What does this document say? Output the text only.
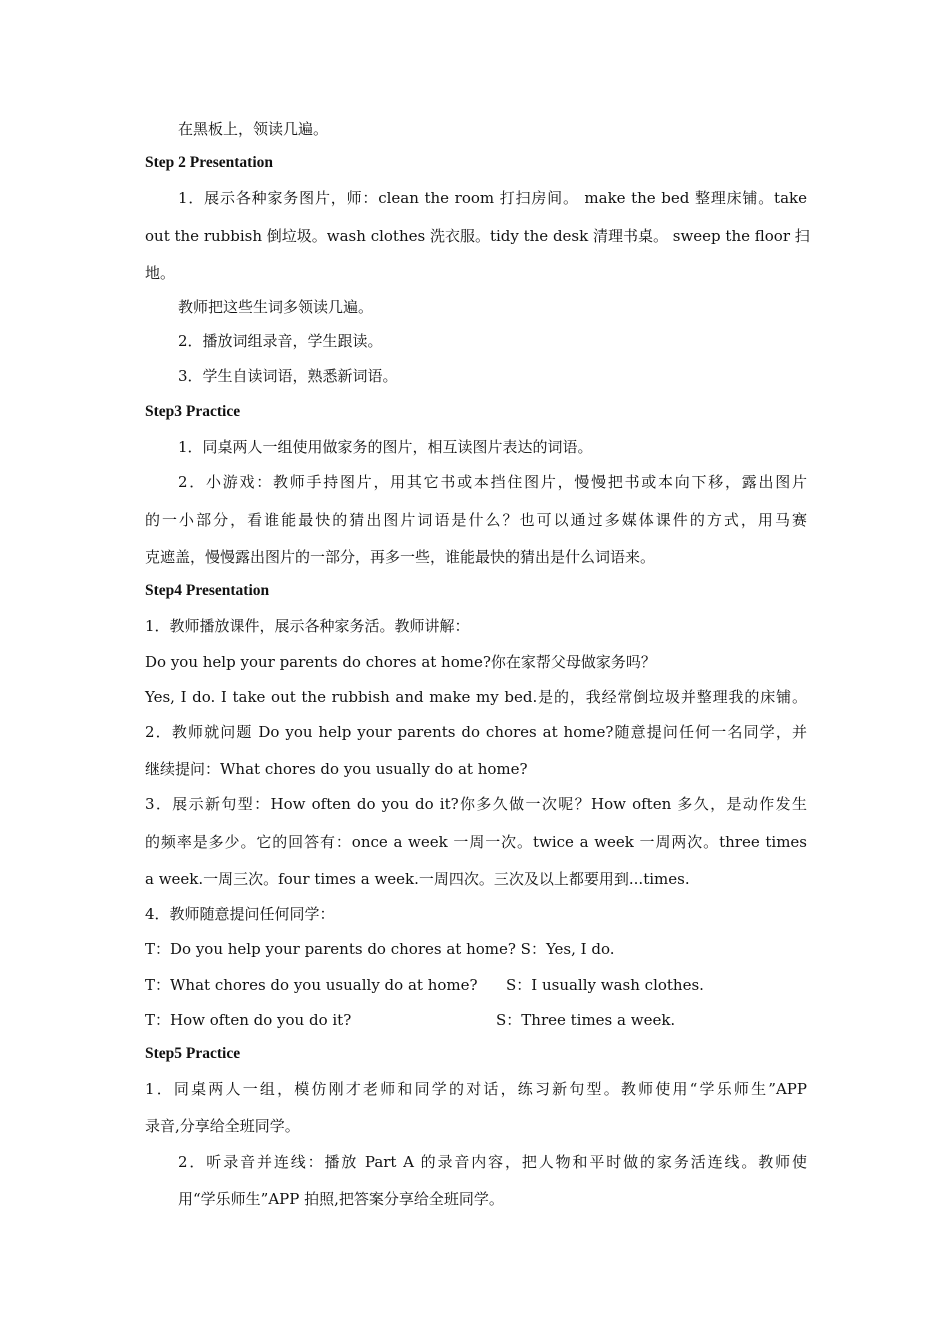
在黑板上，领读几遍。
Step 2 Presentation
1．展示各种家务图片，师：clean the room 打扫房间。 make the bed 整理床铺。take
out the rubbish 倒垃圾。wash clothes 洗衣服。tidy the desk 清理书桌。 sweep the floor 扫
地。
教师把这些生词多领读几遍。
2．播放词组录音，学生跟读。
3．学生自读词语，熟悉新词语。
Step3 Practice
1．同桌两人一组使用做家务的图片，相互读图片表达的词语。
2．小游戏：教师手持图片，用其它书或本挡住图片，慢慢把书或本向下移，露出图片
的一小部分，看谁能最快的猜出图片词语是什么？也可以通过多媒体课件的方式，用马赛
克遮盖，慢慢露出图片的一部分，再多一些，谁能最快的猜出是什么词语来。
Step4 Presentation
1．教师播放课件，展示各种家务活。教师讲解：
Do you help your parents do chores at home?你在家帮父母做家务吗？
Yes, I do. I take out the rubbish and make my bed.是的，我经常倒垃圾并整理我的床铺。
2．教师就问题 Do you help your parents do chores at home?随意提问任何一名同学，并
继续提问：What chores do you usually do at home?
3．展示新句型：How often do you do it?你多久做一次呢？How often 多久，是动作发生
的频率是多少。它的回答有：once a week 一周一次。twice a week 一周两次。three times
a week.一周三次。four times a week.一周四次。三次及以上都要用到...times.
4．教师随意提问任何同学：
T：Do you help your parents do chores at home? S：Yes, I do.
T：What chores do you usually do at home?	S：I usually wash clothes.
T：How often do you do it?	S：Three times a week.
Step5 Practice
1．同桌两人一组，模仿刚才老师和同学的对话，练习新句型。教师使用“学乐师生”APP
录音,分享给全班同学。
2．听录音并连线：播放 Part A 的录音内容，把人物和平时做的家务活连线。教师使
用“学乐师生”APP 拍照,把答案分享给全班同学。
